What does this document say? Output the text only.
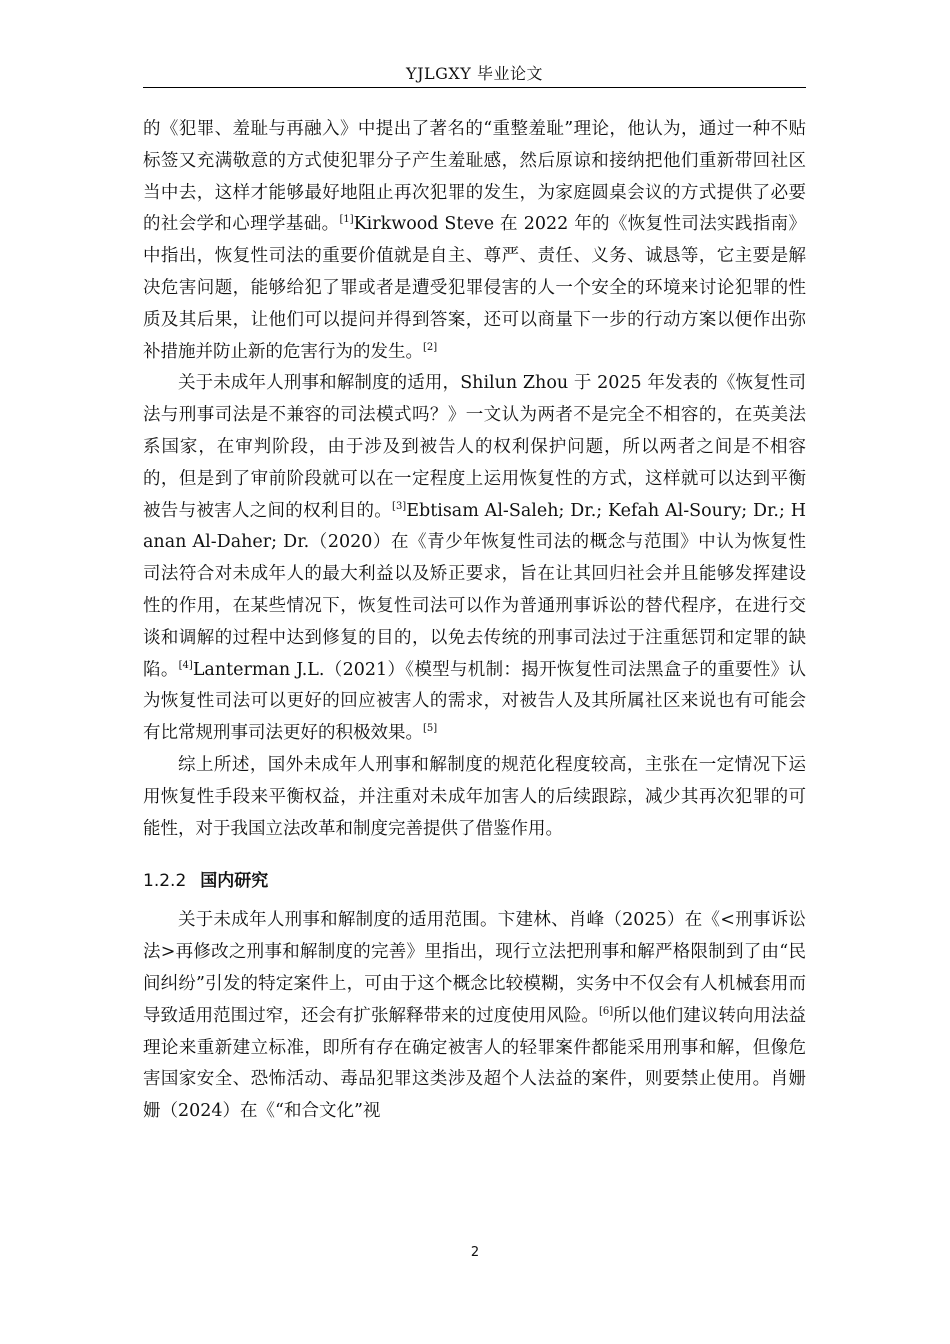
YJLGXY 毕业论文

的《犯罪、羞耻与再融入》中提出了著名的“重整羞耻”理论，他认为，通过一种不贴标签又充满敬意的方式使犯罪分子产生羞耻感，然后原谅和接纳把他们重新带回社区当中去，这样才能够最好地阻止再次犯罪的发生，为家庭圆桌会议的方式提供了必要的社会学和心理学基础。[1]Kirkwood Steve 在 2022 年的《恢复性司法实践指南》中指出，恢复性司法的重要价值就是自主、尊严、责任、义务、诚恳等，它主要是解决危害问题，能够给犯了罪或者是遭受犯罪侵害的人一个安全的环境来讨论犯罪的性质及其后果，让他们可以提问并得到答案，还可以商量下一步的行动方案以便作出弥补措施并防止新的危害行为的发生。[2]

关于未成年人刑事和解制度的适用，Shilun Zhou 于 2025 年发表的《恢复性司法与刑事司法是不兼容的司法模式吗？》一文认为两者不是完全不相容的，在英美法系国家，在审判阶段，由于涉及到被告人的权利保护问题，所以两者之间是不相容的，但是到了审前阶段就可以在一定程度上运用恢复性的方式，这样就可以达到平衡被告与被害人之间的权利目的。[3]Ebtisam Al-Saleh; Dr.; Kefah Al-Soury; Dr.; Hanan Al-Daher; Dr.（2020）在《青少年恢复性司法的概念与范围》中认为恢复性司法符合对未成年人的最大利益以及矫正要求，旨在让其回归社会并且能够发挥建设性的作用，在某些情况下，恢复性司法可以作为普通刑事诉讼的替代程序，在进行交谈和调解的过程中达到修复的目的，以免去传统的刑事司法过于注重惩罚和定罪的缺陷。[4]Lanterman J.L.（2021）《模型与机制：揭开恢复性司法黑盒子的重要性》认为恢复性司法可以更好的回应被害人的需求，对被告人及其所属社区来说也有可能会有比常规刑事司法更好的积极效果。[5]

综上所述，国外未成年人刑事和解制度的规范化程度较高，主张在一定情况下运用恢复性手段来平衡权益，并注重对未成年加害人的后续跟踪，减少其再次犯罪的可能性，对于我国立法改革和制度完善提供了借鉴作用。

1.2.2 国内研究

关于未成年人刑事和解制度的适用范围。卞建林、肖峰（2025）在《<刑事诉讼法>再修改之刑事和解制度的完善》里指出，现行立法把刑事和解严格限制到了由“民间纠纷”引发的特定案件上，可由于这个概念比较模糊，实务中不仅会有人机械套用而导致适用范围过窄，还会有扩张解释带来的过度使用风险。[6]所以他们建议转向用法益理论来重新建立标准，即所有存在确定被害人的轻罪案件都能采用刑事和解，但像危害国家安全、恐怖活动、毒品犯罪这类涉及超个人法益的案件，则要禁止使用。肖姗姗（2024）在《“和合文化”视

2
